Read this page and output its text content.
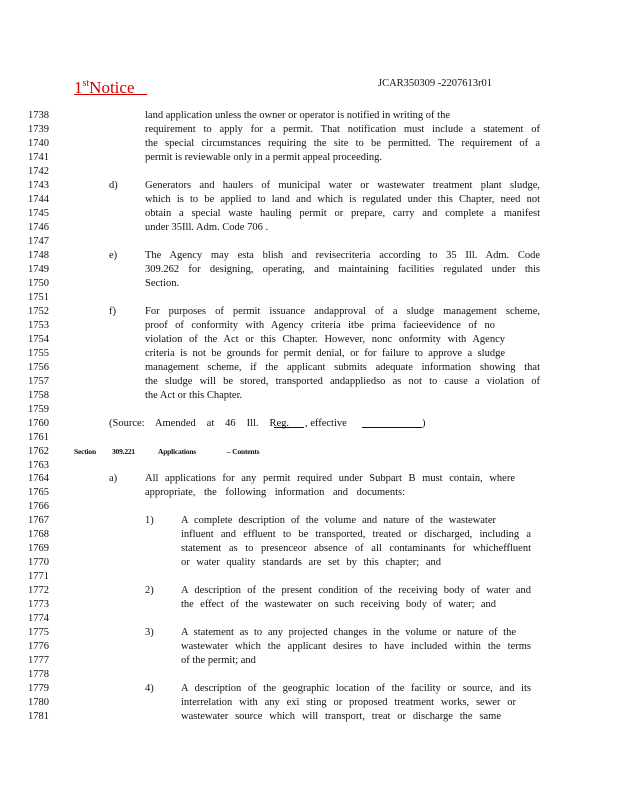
1stNotice	JCAR350309 -2207613r01
1738	land application unless the owner or operator is notified in writing of the
1739	requirement to apply for a permit. That notification must include a statement of
1740	the special circumstances requiring the site to be permitted. The requirement of a
1741	permit is reviewable only in a permit appeal proceeding.
1742
1743	d)	Generators and haulers of municipal water or wastewater treatment plant sludge,
1744	which is to be applied to land and which is regulated under this Chapter, need not
1745	obtain a special waste hauling permit or prepare, carry and complete a manifest
1746	under 35Ill. Adm. Code 706 .
1747
1748	e)	The Agency may esta blish and revisecriteria according to 35 Ill. Adm. Code
1749	309.262 for designing, operating, and maintaining facilities regulated under this
1750	Section.
1751
1752	f)	For purposes of permit issuance andapproval of a sludge management scheme,
1753	proof of conformity with Agency criteria itbe prima facieevidence of no
1754	violation of the Act or this Chapter. However, nonc onformity with Agency
1755	criteria is not be grounds for permit denial, or for failure to approve a sludge
1756	management scheme, if the applicant submits adequate information showing that
1757	the sludge will be stored, transported andappliedso as not to cause a violation of
1758	the Act or this Chapter.
1759
1760	(Source: Amended at 46 Ill. Reg. , effective	)
1761
1762	Section	309.221	Applications	– Contents
1763
1764	a)	All applications for any permit required under Subpart B must contain, where
1765	appropriate, the following information and documents:
1766
1767	1)	A complete description of the volume and nature of the wastewater
1768	influent and effluent to be transported, treated or discharged, including a
1769	statement as to presenceor absence of all contaminants for whicheffluent
1770	or water quality standards are set by this chapter; and
1771
1772	2)	A description of the present condition of the receiving body of water and
1773	the effect of the wastewater on such receiving body of water; and
1774
1775	3)	A statement as to any projected changes in the volume or nature of the
1776	wastewater which the applicant desires to have included within the terms
1777	of the permit; and
1778
1779	4)	A description of the geographic location of the facility or source, and its
1780	interrelation with any exi sting or proposed treatment works, sewer or
1781	wastewater source which will transport, treat or discharge the same
